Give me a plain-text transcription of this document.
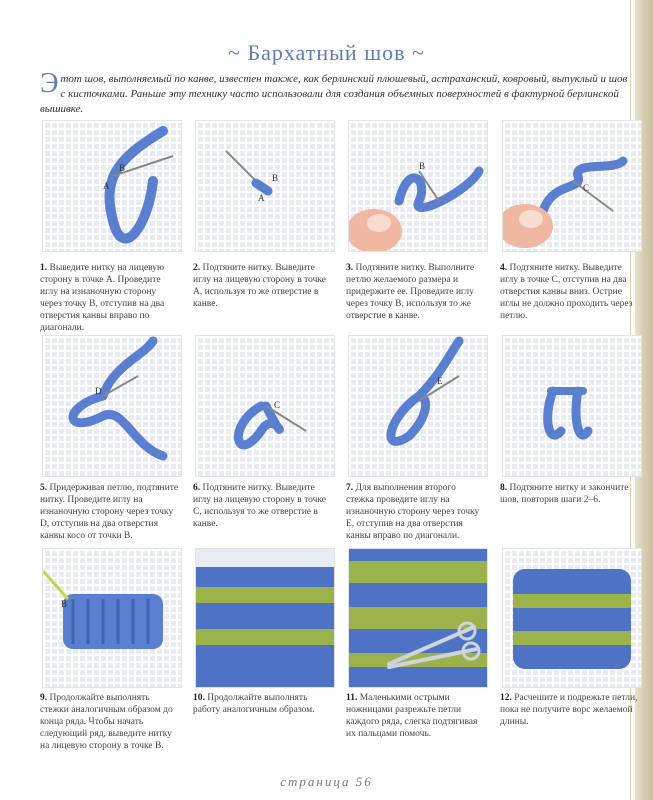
~ Бархатный шов ~
Э тот шов, выполняемый по канве, известен также, как берлинский плюшевый, астраханский, ковровый, выпуклый и шов с кисточками. Раньше эту технику часто использовали для создания объемных поверхностей в фактурной берлинской вышивке.
B
A
B
A
B
C
1. Выведите нитку на лицевую сторону в точке А. Проведите иглу на изнаночную сторону через точку В, отступив на два отверстия канвы вправо по диагонали.
2. Подтяните нитку. Выведите иглу на лицевую сторону в точке А, используя то же отверстие в канве.
3. Подтяните нитку. Выполните петлю желаемого размера и придержите ее. Проведите иглу через точку В, используя то же отверстие в канве.
4. Подтяните нитку. Выведите иглу в точке С, отступив на два отверстия канвы вниз. Острие иглы не должно проходить через петлю.
D
C
E
5. Придерживая петлю, подтяните нитку. Проведите иглу на изнаночную сторону через точку D, отступив на два отверстия канвы косо от точки В.
6. Подтяните нитку. Выведите иглу на лицевую сторону в точке С, используя то же отверстие в канве.
7. Для выполнения второго стежка проведите иглу на изнаночную сторону через точку Е, отступив на два отверстия канвы вправо по диагонали.
8. Подтяните нитку и закончите шов, повторив шаги 2–6.
B
9. Продолжайте выполнять стежки аналогичным образом до конца ряда. Чтобы начать следующий ряд, выведите нитку на лицевую сторону в точке В.
10. Продолжайте выполнять работу аналогичным образом.
11. Маленькими острыми ножницами разрежьте петли каждого ряда, слегка подтягивая их пальцами помочь.
12. Расчешите и подрежьте петли, пока не получите ворс желаемой длины.
страница 56
